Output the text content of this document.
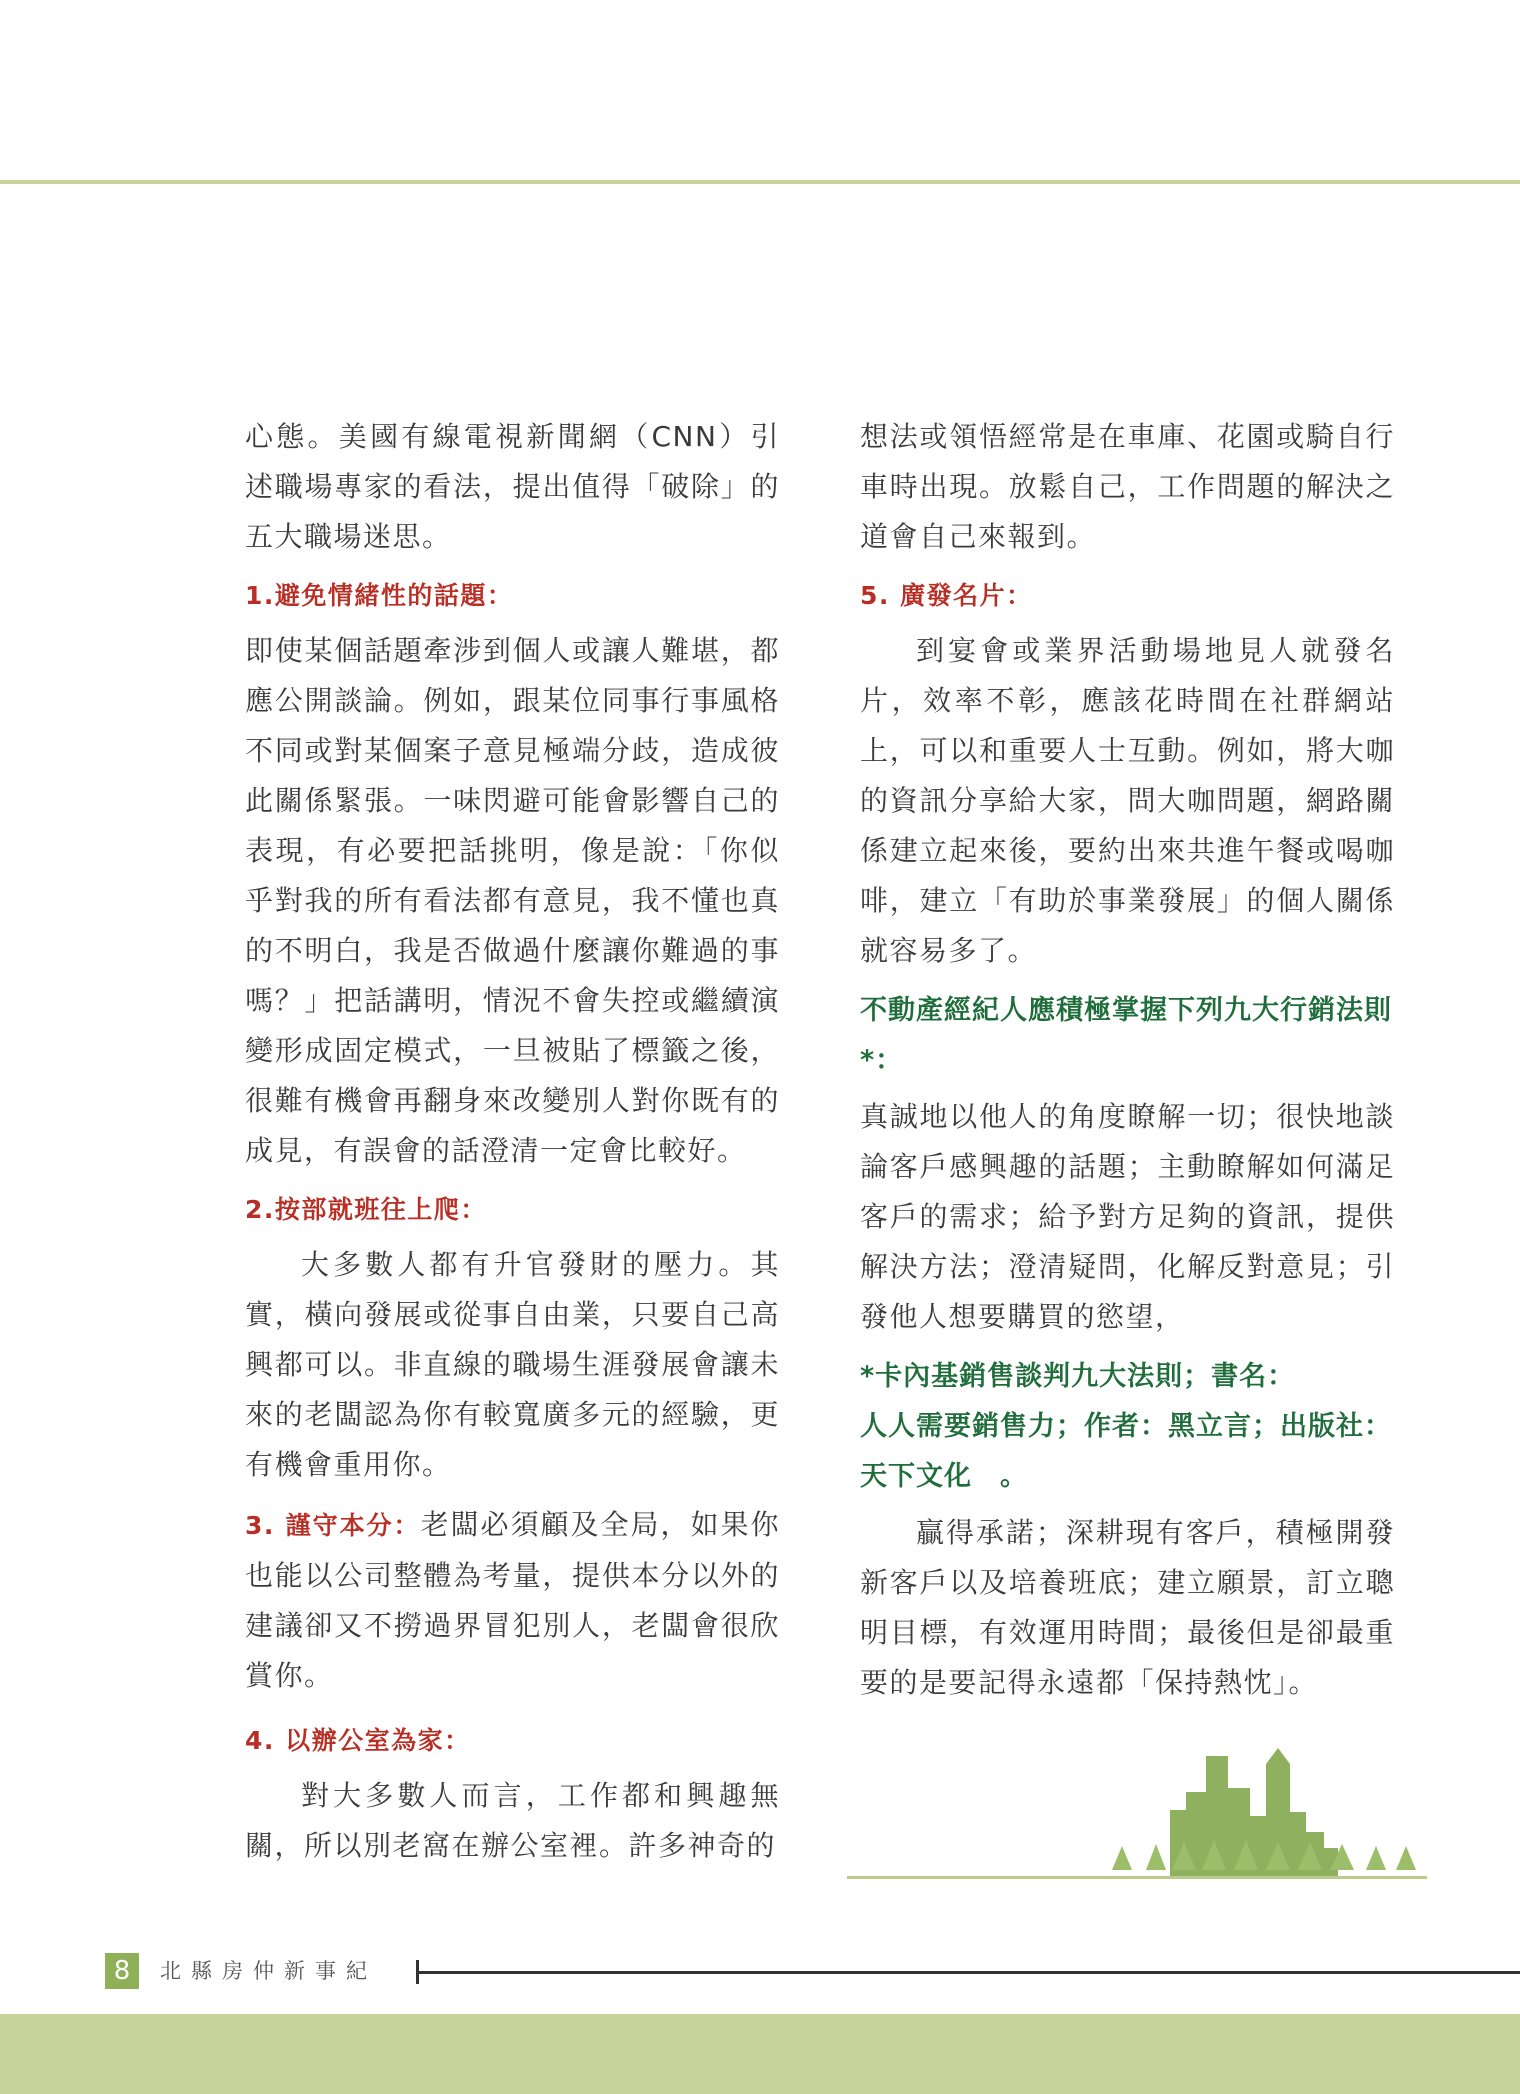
心態。美國有線電視新聞網（CNN）引述職場專家的看法，提出值得「破除」的五大職場迷思。

1.避免情緒性的話題：

即使某個話題牽涉到個人或讓人難堪，都應公開談論。例如，跟某位同事行事風格不同或對某個案子意見極端分歧，造成彼此關係緊張。一味閃避可能會影響自己的表現，有必要把話挑明，像是說：「你似乎對我的所有看法都有意見，我不懂也真的不明白，我是否做過什麼讓你難過的事嗎？」把話講明，情況不會失控或繼續演變形成固定模式，一旦被貼了標籤之後，很難有機會再翻身來改變別人對你既有的成見，有誤會的話澄清一定會比較好。

2.按部就班往上爬：

大多數人都有升官發財的壓力。其實，橫向發展或從事自由業，只要自己高興都可以。非直線的職場生涯發展會讓未來的老闆認為你有較寬廣多元的經驗，更有機會重用你。

3. 謹守本分：老闆必須顧及全局，如果你也能以公司整體為考量，提供本分以外的建議卻又不撈過界冒犯別人，老闆會很欣賞你。

4. 以辦公室為家：

對大多數人而言，工作都和興趣無關，所以別老窩在辦公室裡。許多神奇的

想法或領悟經常是在車庫、花園或騎自行車時出現。放鬆自己，工作問題的解決之道會自己來報到。

5. 廣發名片：

到宴會或業界活動場地見人就發名片，效率不彰，應該花時間在社群網站上，可以和重要人士互動。例如，將大咖的資訊分享給大家，問大咖問題，網路關係建立起來後，要約出來共進午餐或喝咖啡，建立「有助於事業發展」的個人關係就容易多了。

不動產經紀人應積極掌握下列九大行銷法則*：

真誠地以他人的角度瞭解一切；很快地談論客戶感興趣的話題；主動瞭解如何滿足客戶的需求；給予對方足夠的資訊，提供解決方法；澄清疑問，化解反對意見；引發他人想要購買的慾望，

*卡內基銷售談判九大法則；書名：
人人需要銷售力；作者：黑立言；出版社：天下文化　。

贏得承諾；深耕現有客戶，積極開發新客戶以及培養班底；建立願景，訂立聰明目標，有效運用時間；最後但是卻最重要的是要記得永遠都「保持熱忱」。

8	北縣房仲新事紀
